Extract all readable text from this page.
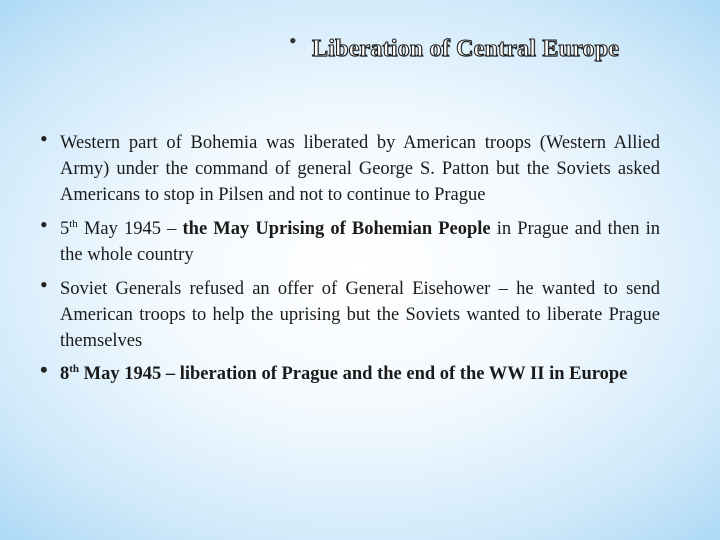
• Liberation of Central Europe
• Western part of Bohemia was liberated by American troops (Western Allied Army) under the command of general George S. Patton but the Soviets asked Americans to stop in Pilsen and not to continue to Prague
• 5th May 1945 – the May Uprising of Bohemian People in Prague and then in the whole country
• Soviet Generals refused an offer of General Eisehower – he wanted to send American troops to help the uprising but the Soviets wanted to liberate Prague themselves
• 8th May 1945 – liberation of Prague and the end of the WW II in Europe
